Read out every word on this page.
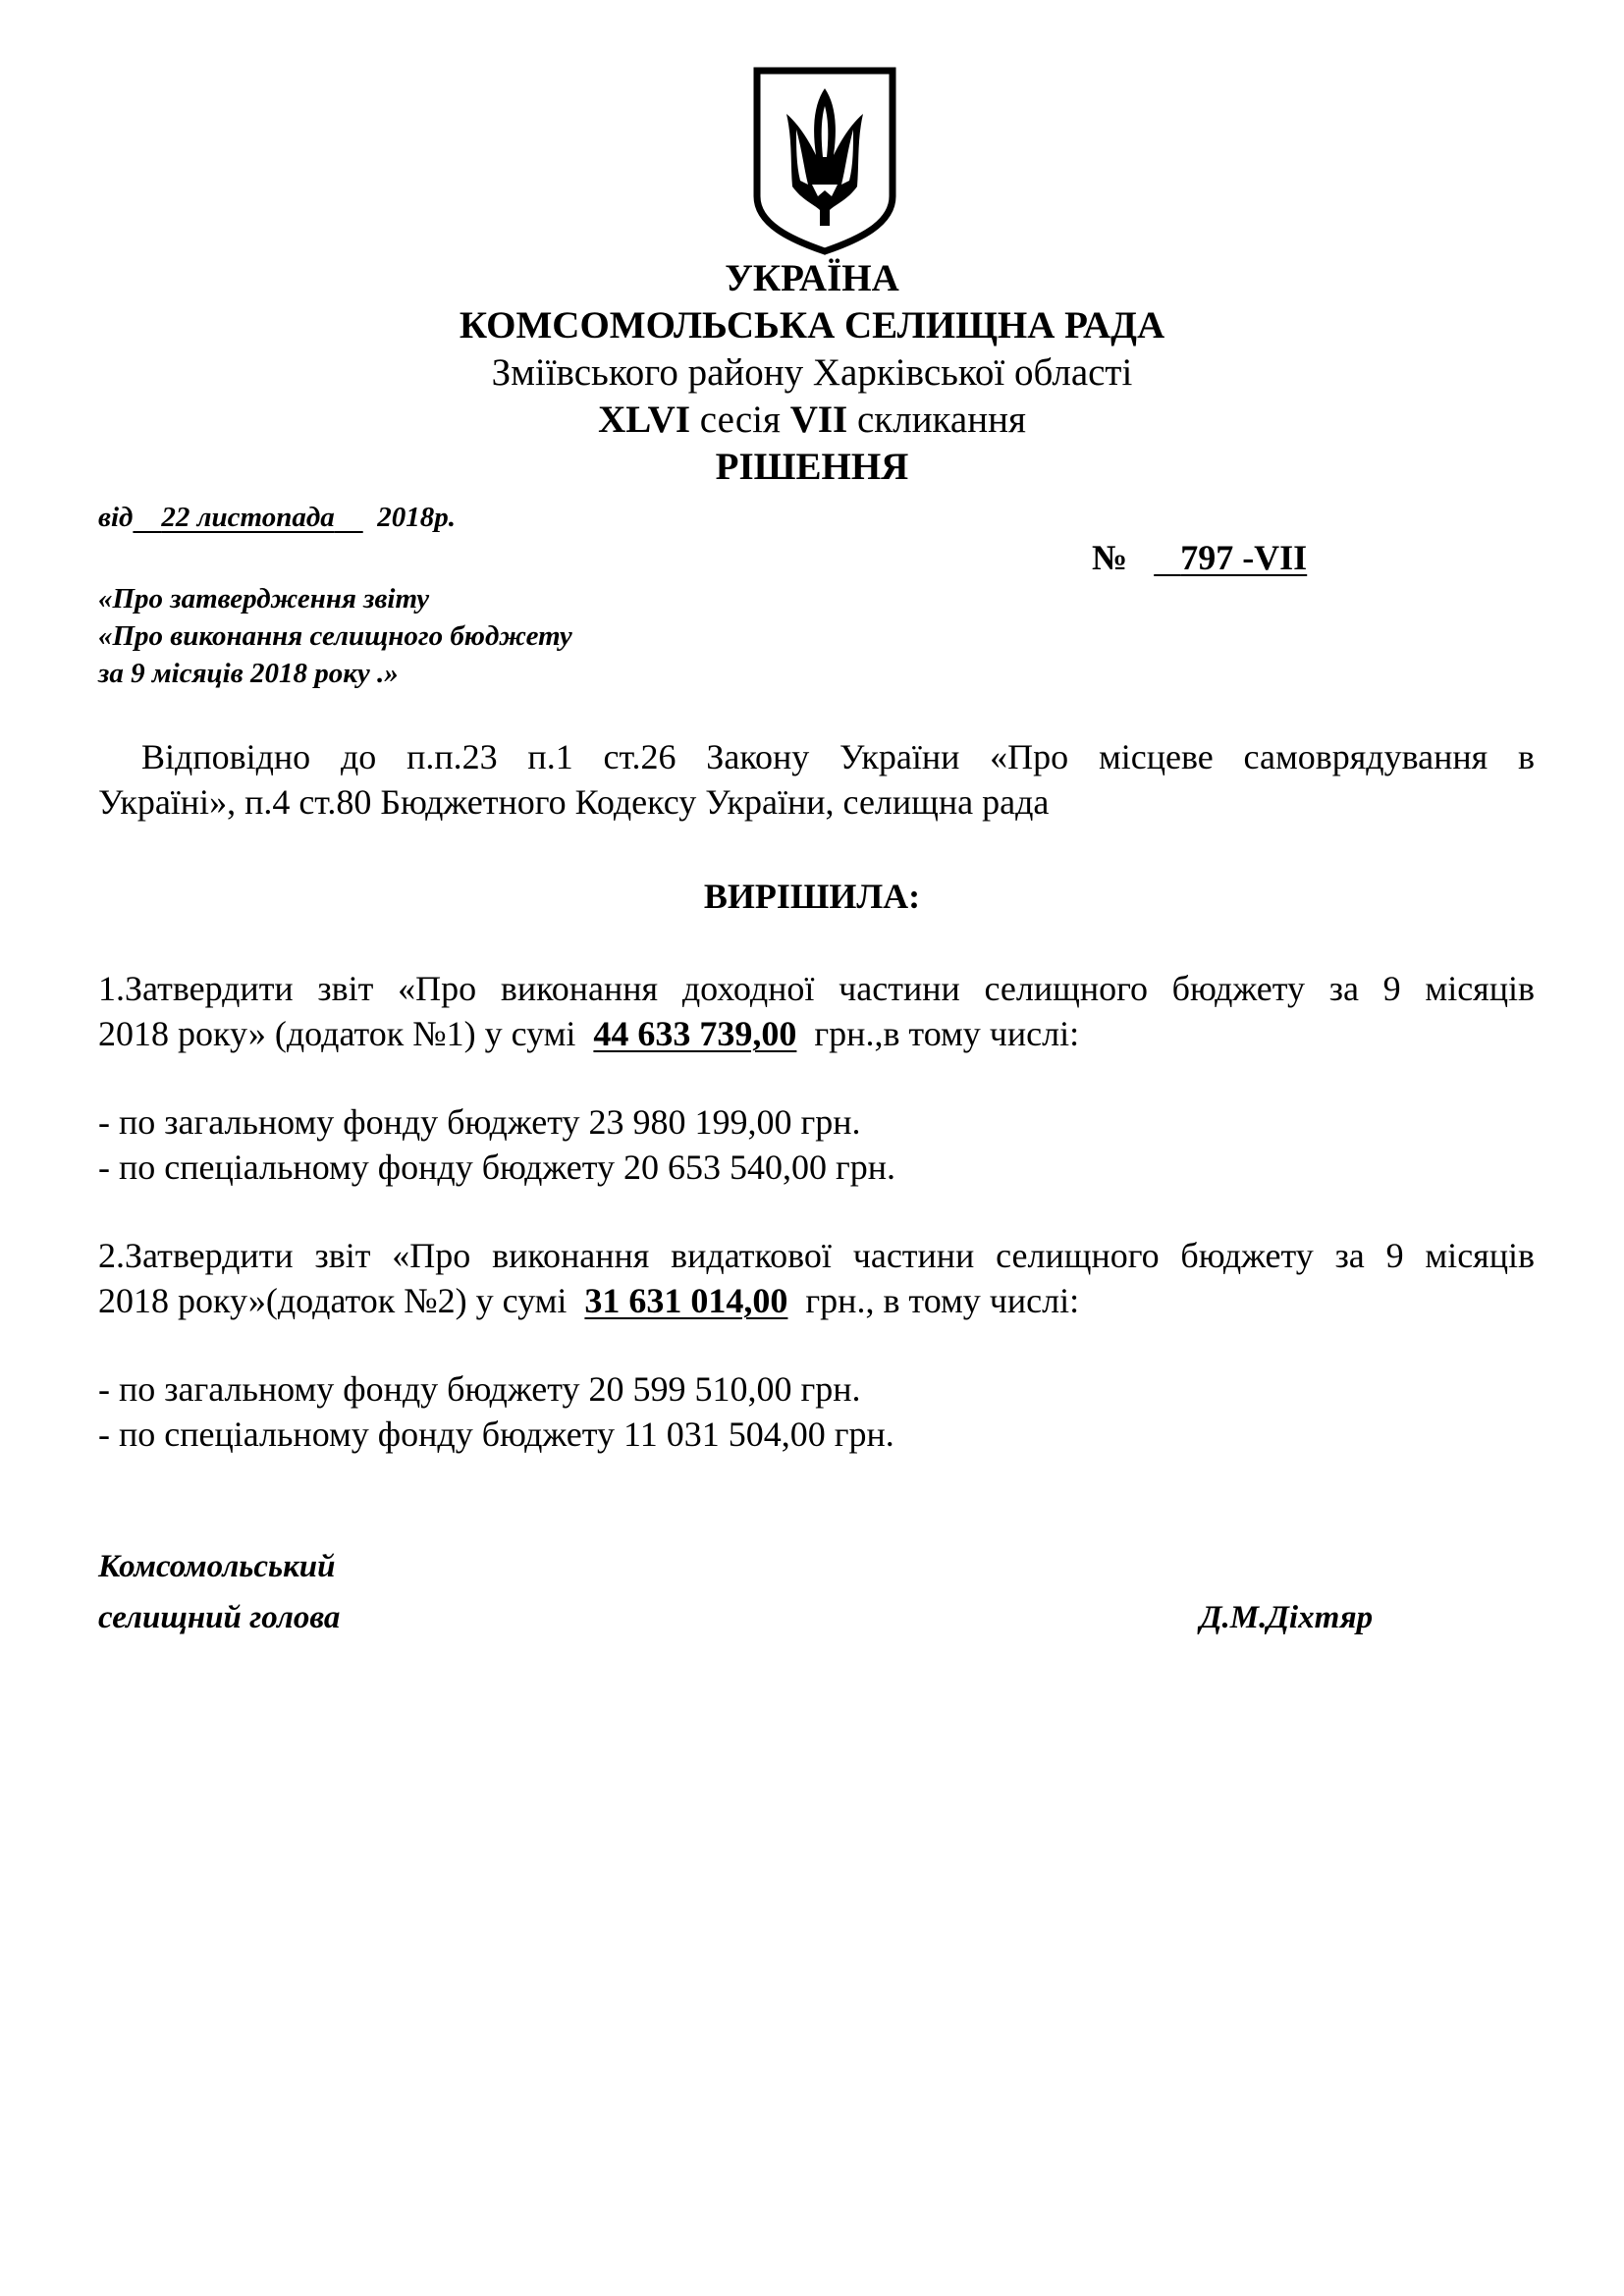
УКРАЇНА
КОМСОМОЛЬСЬКА СЕЛИЩНА РАДА
Зміївського району Харківської області
XLVI сесія VII скликання
РІШЕННЯ
від 22 листопада 2018р.
№ 797 -VII
«Про затвердження звіту
«Про виконання селищного бюджету
за 9 місяців 2018 року .»
Відповідно до п.п.23 п.1 ст.26 Закону України «Про місцеве самоврядування в
Україні», п.4 ст.80 Бюджетного Кодексу України, селищна рада
ВИРІШИЛА:
1.Затвердити звіт «Про виконання доходної частини селищного бюджету за 9 місяців
2018 року» (додаток №1) у сумі 44 633 739,00 грн.,в тому числі:
- по загальному фонду бюджету 23 980 199,00 грн.
- по спеціальному фонду бюджету 20 653 540,00 грн.
2.Затвердити звіт «Про виконання видаткової частини селищного бюджету за 9 місяців
2018 року»(додаток №2) у сумі 31 631 014,00 грн., в тому числі:
- по загальному фонду бюджету 20 599 510,00 грн.
- по спеціальному фонду бюджету 11 031 504,00 грн.
Комсомольський
селищний голова	Д.М.Діхтяр
